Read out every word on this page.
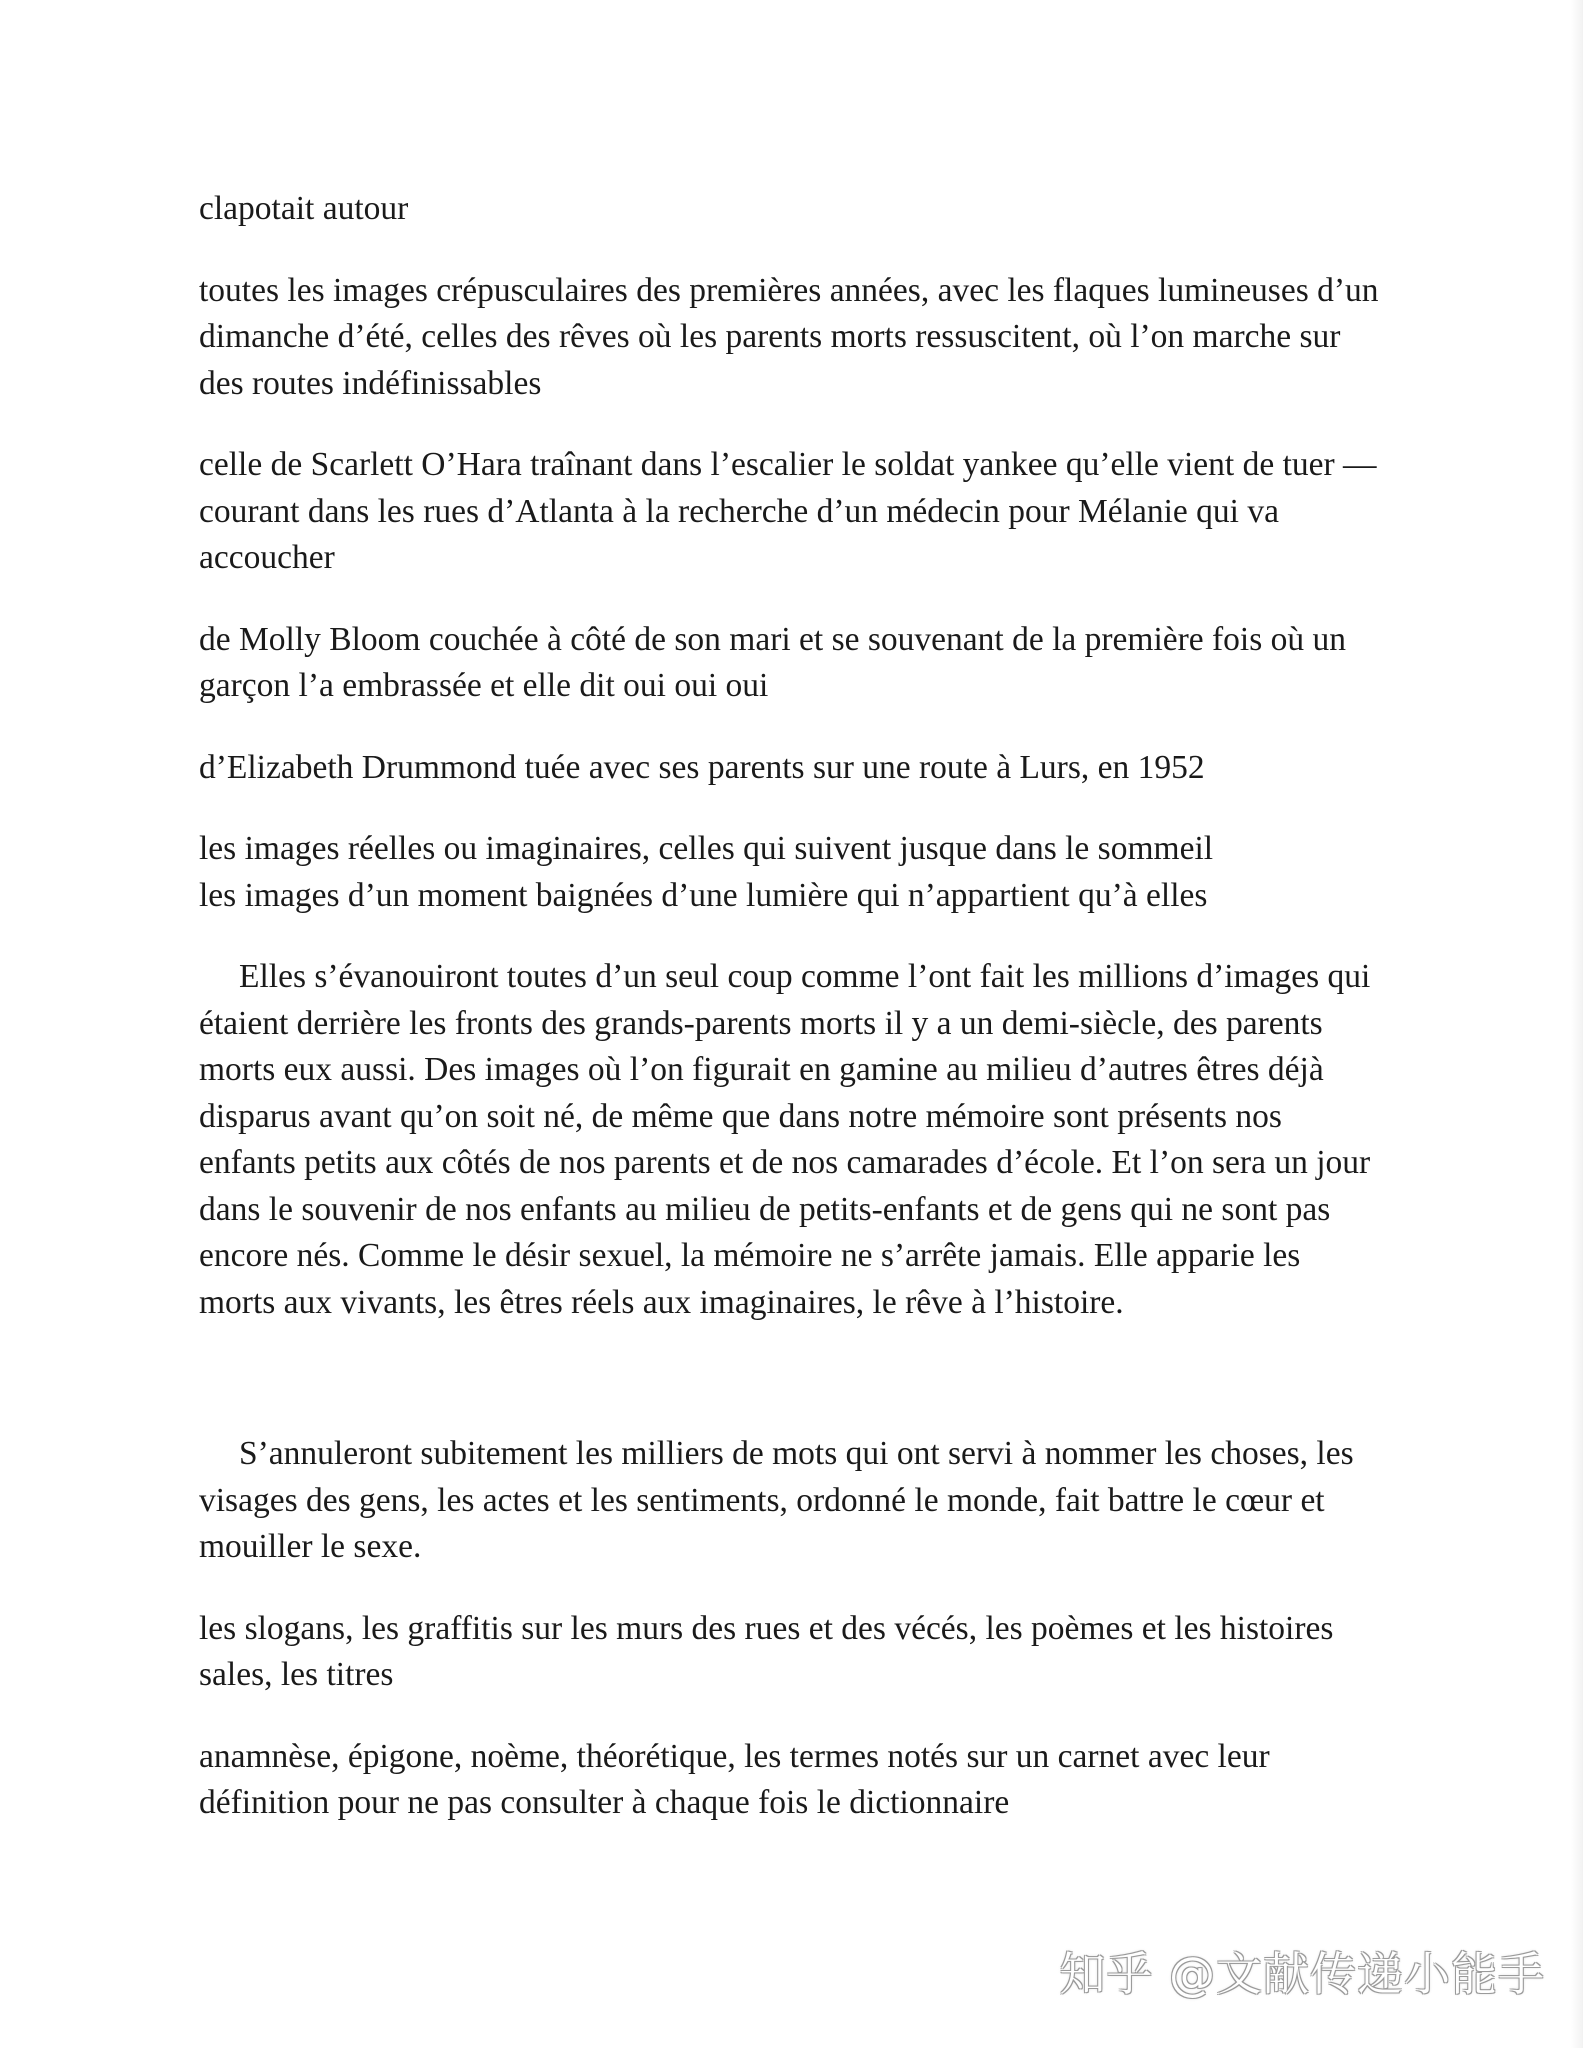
clapotait autour

toutes les images crépusculaires des premières années, avec les flaques lumineuses d’un dimanche d’été, celles des rêves où les parents morts ressuscitent, où l’on marche sur des routes indéfinissables

celle de Scarlett O’Hara traînant dans l’escalier le soldat yankee qu’elle vient de tuer — courant dans les rues d’Atlanta à la recherche d’un médecin pour Mélanie qui va accoucher

de Molly Bloom couchée à côté de son mari et se souvenant de la première fois où un garçon l’a embrassée et elle dit oui oui oui

d’Elizabeth Drummond tuée avec ses parents sur une route à Lurs, en 1952

les images réelles ou imaginaires, celles qui suivent jusque dans le sommeil
les images d’un moment baignées d’une lumière qui n’appartient qu’à elles

Elles s’évanouiront toutes d’un seul coup comme l’ont fait les millions d’images qui étaient derrière les fronts des grands-parents morts il y a un demi-siècle, des parents morts eux aussi. Des images où l’on figurait en gamine au milieu d’autres êtres déjà disparus avant qu’on soit né, de même que dans notre mémoire sont présents nos enfants petits aux côtés de nos parents et de nos camarades d’école. Et l’on sera un jour dans le souvenir de nos enfants au milieu de petits-enfants et de gens qui ne sont pas encore nés. Comme le désir sexuel, la mémoire ne s’arrête jamais. Elle apparie les morts aux vivants, les êtres réels aux imaginaires, le rêve à l’histoire.

S’annuleront subitement les milliers de mots qui ont servi à nommer les choses, les visages des gens, les actes et les sentiments, ordonné le monde, fait battre le cœur et mouiller le sexe.

les slogans, les graffitis sur les murs des rues et des vécés, les poèmes et les histoires sales, les titres

anamnèse, épigone, noème, théorétique, les termes notés sur un carnet avec leur définition pour ne pas consulter à chaque fois le dictionnaire

知乎 @文献传递小能手
